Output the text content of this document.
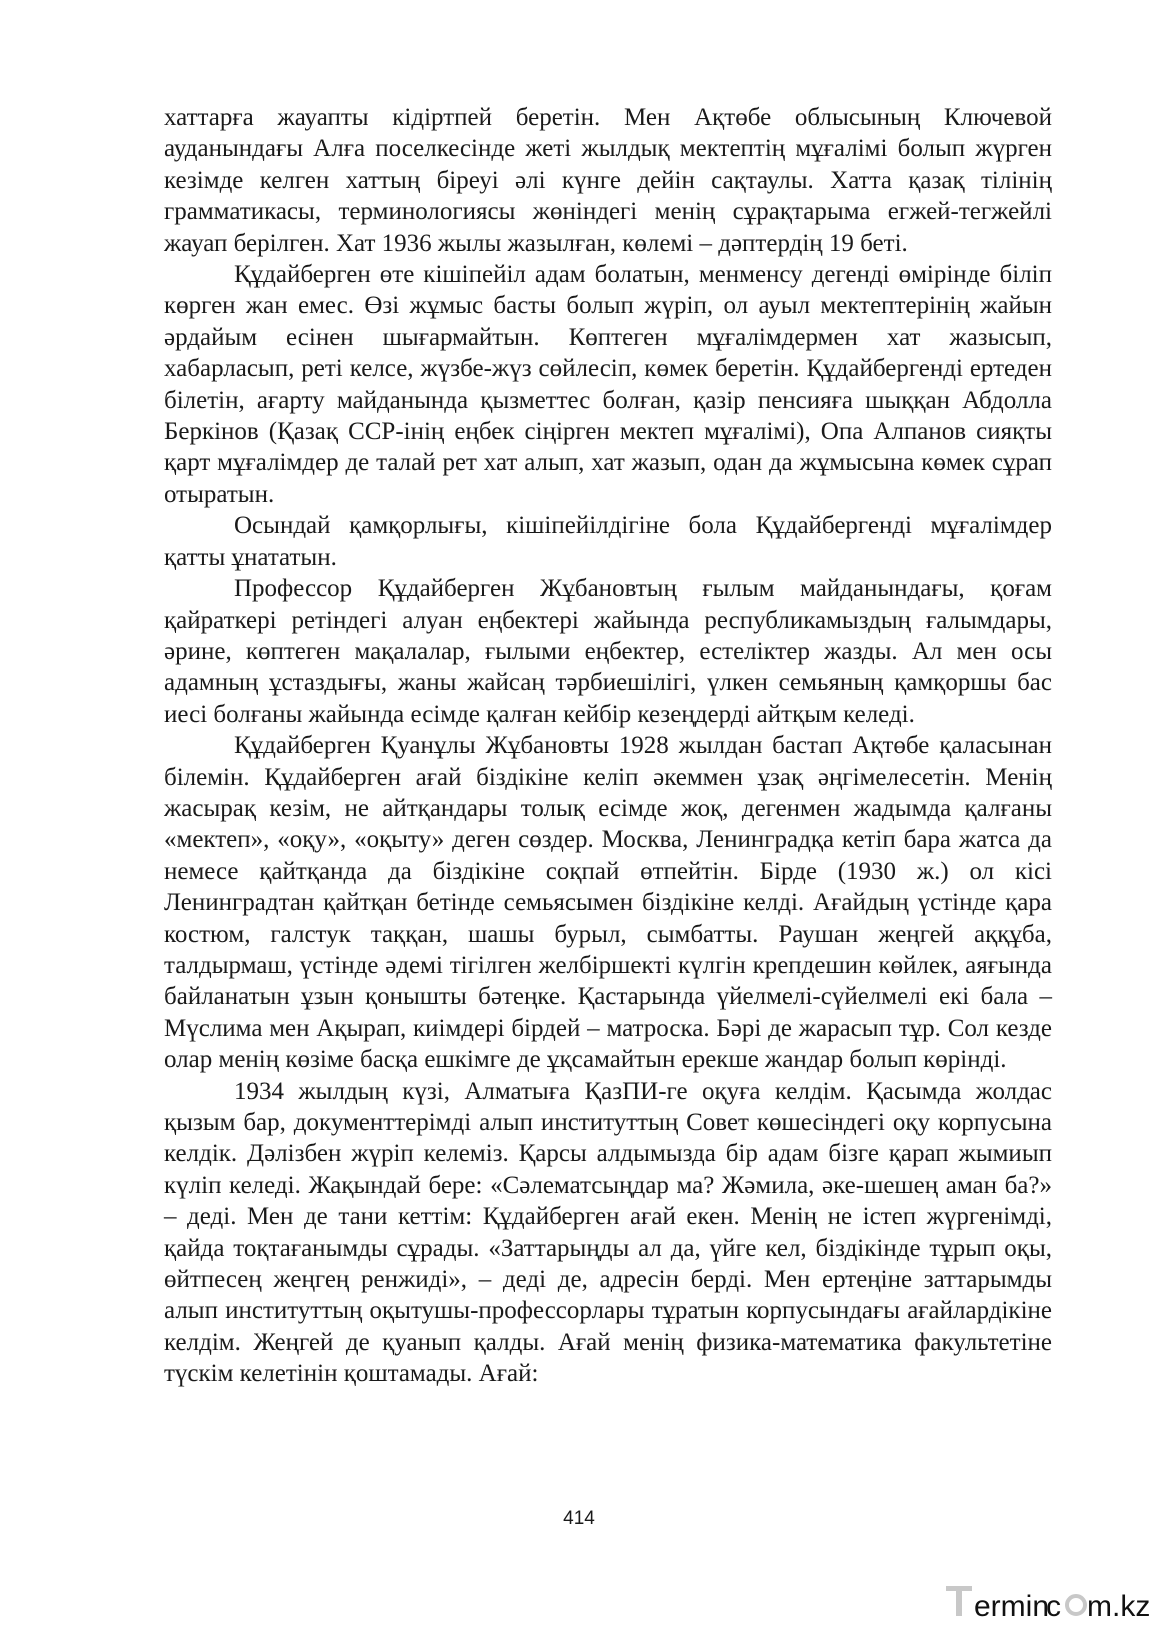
хаттарға жауапты кідіртпей беретін. Мен Ақтөбе облысының Ключевой ауданындағы Алға поселкесінде жеті жылдық мектептің мұғалімі болып жүрген кезімде келген хаттың біреуі әлі күнге дейін сақтаулы. Хатта қазақ тілінің грамматикасы, терминологиясы жөніндегі менің сұрақтарыма егжей-тегжейлі жауап берілген. Хат 1936 жылы жазылған, көлемі – дәптердің 19 беті.

Құдайберген өте кішіпейіл адам болатын, менменсу дегенді өмірінде біліп көрген жан емес. Өзі жұмыс басты болып жүріп, ол ауыл мектептерінің жайын әрдайым есінен шығармайтын. Көптеген мұғалімдермен хат жазысып, хабарласып, реті келсе, жүзбе-жүз сөйлесіп, көмек беретін. Құдайбергенді ертеден білетін, ағарту майданында қызметтес болған, қазір пенсияға шыққан Абдолла Беркінов (Қазақ ССР-інің еңбек сіңірген мектеп мұғалімі), Опа Алпанов сияқты қарт мұғалімдер де талай рет хат алып, хат жазып, одан да жұмысына көмек сұрап отыратын.

Осындай қамқорлығы, кішіпейілдігіне бола Құдайбергенді мұғалімдер қатты ұнататын.

Профессор Құдайберген Жұбановтың ғылым майданындағы, қоғам қайраткері ретіндегі алуан еңбектері жайында республикамыздың ғалымдары, әрине, көптеген мақалалар, ғылыми еңбектер, естеліктер жазды. Ал мен осы адамның ұстаздығы, жаны жайсаң тәрбиешілігі, үлкен семьяның қамқоршы бас иесі болғаны жайында есімде қалған кейбір кезеңдерді айтқым келеді.

Құдайберген Қуанұлы Жұбановты 1928 жылдан бастап Ақтөбе қаласынан білемін. Құдайберген ағай біздікіне келіп әкеммен ұзақ әңгімелесетін. Менің жасырақ кезім, не айтқандары толық есімде жоқ, дегенмен жадымда қалғаны «мектеп», «оқу», «оқыту» деген сөздер. Москва, Ленинградқа кетіп бара жатса да немесе қайтқанда да біздікіне соқпай өтпейтін. Бірде (1930 ж.) ол кісі Ленинградтан қайтқан бетінде семьясымен біздікіне келді. Ағайдың үстінде қара костюм, галстук таққан, шашы бурыл, сымбатты. Раушан жеңгей аққұба, талдырмаш, үстінде әдемі тігілген желбіршекті күлгін крепдешин көйлек, аяғында байланатын ұзын қонышты бәтеңке. Қастарында үйелмелі-сүйелмелі екі бала – Мүслима мен Ақырап, киімдері бірдей – матроска. Бәрі де жарасып тұр. Сол кезде олар менің көзіме басқа ешкімге де ұқсамайтын ерекше жандар болып көрінді.

1934 жылдың күзі, Алматыға ҚазПИ-ге оқуға келдім. Қасымда жолдас қызым бар, документтерімді алып институттың Совет көшесіндегі оқу корпусына келдік. Дәлізбен жүріп келеміз. Қарсы алдымызда бір адам бізге қарап жымиып күліп келеді. Жақындай бере: «Сәлематсыңдар ма? Жәмила, әке-шешең аман ба?» – деді. Мен де тани кеттім: Құдайберген ағай екен. Менің не істеп жүргенімді, қайда тоқтағанымды сұрады. «Заттарыңды ал да, үйге кел, біздікінде тұрып оқы, өйтпесең жеңгең ренжиді», – деді де, адресін берді. Мен ертеңіне заттарымды алып институттың оқытушы-профессорлары тұратын корпусындағы ағайлардікіне келдім. Жеңгей де қуанып қалды. Ағай менің физика-математика факультетіне түскім келетінін қоштамады. Ағай:

414
ermin
c m.kz
